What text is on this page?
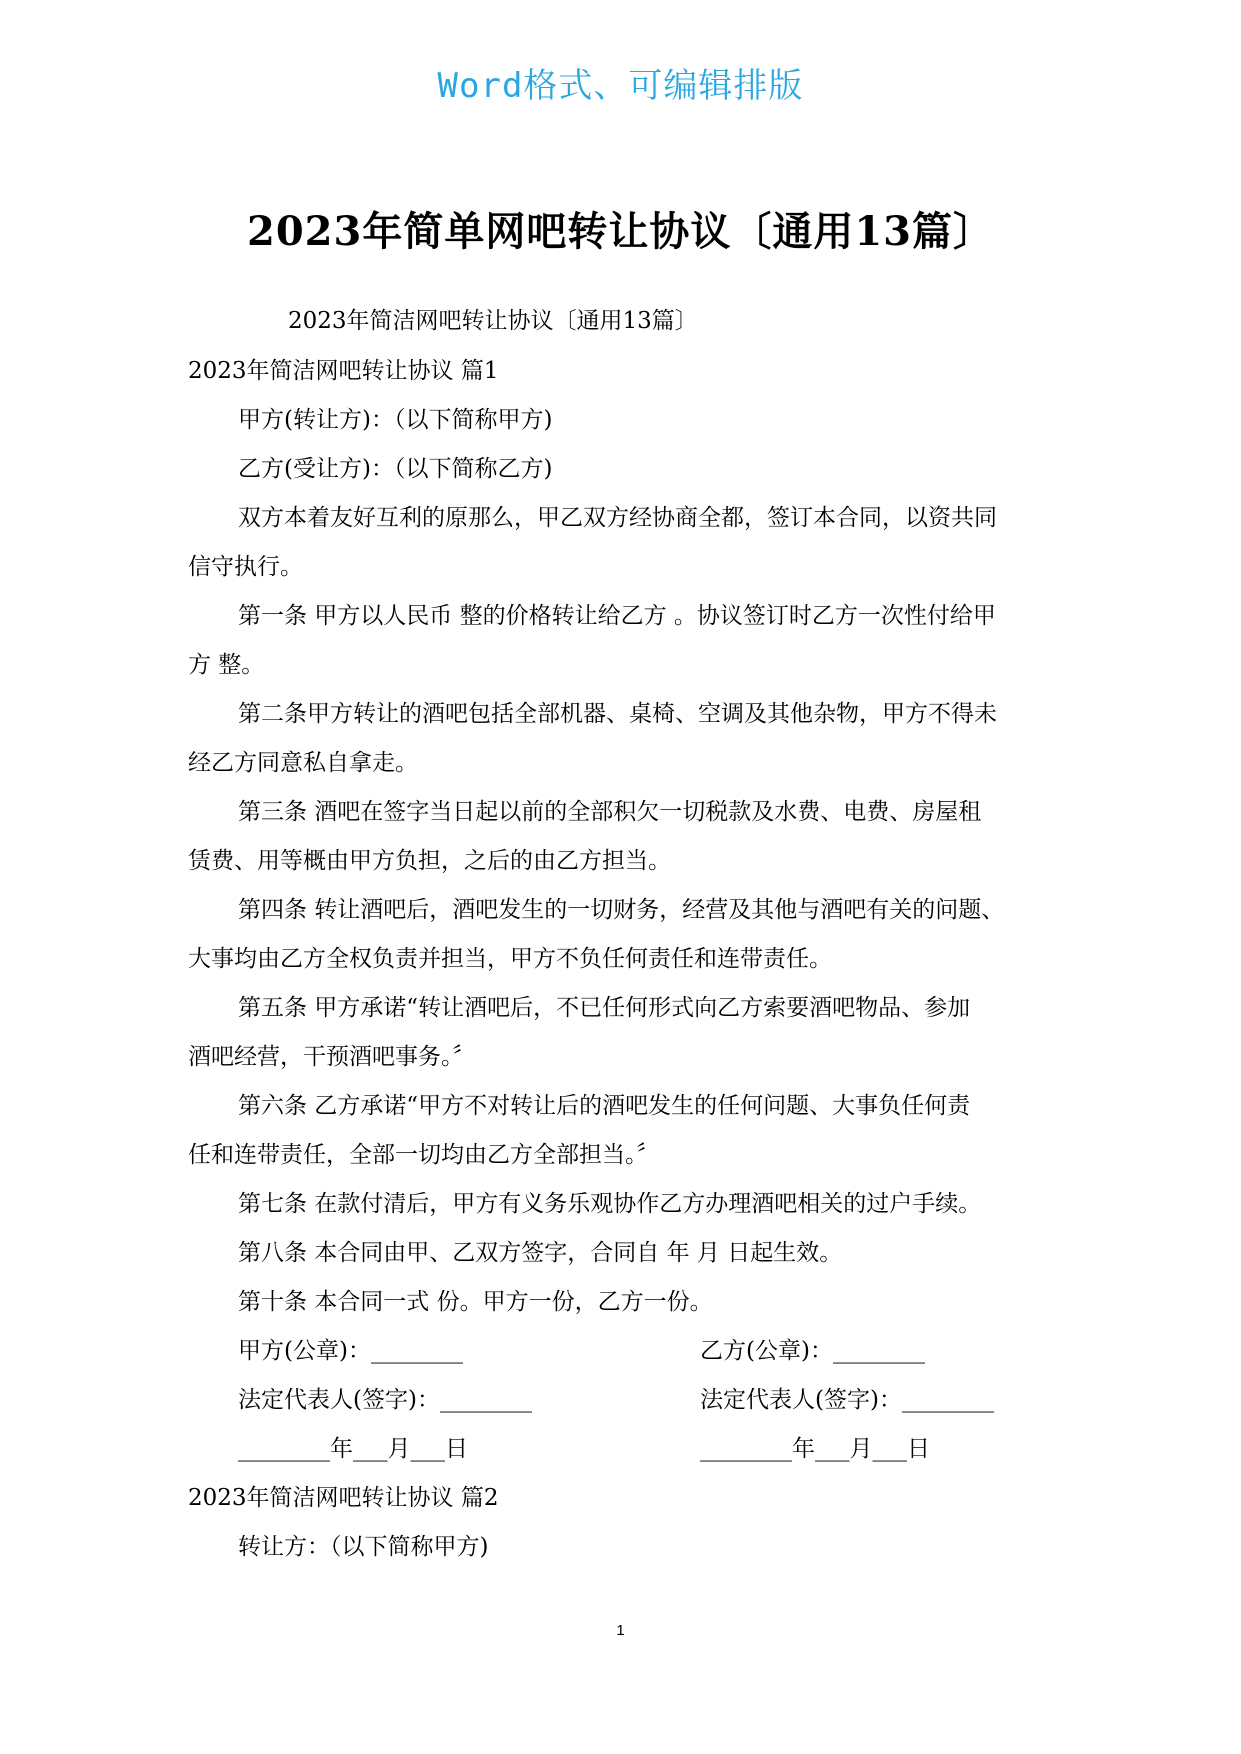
Word格式、可编辑排版
2023年简单网吧转让协议〔通用13篇〕
2023年简洁网吧转让协议〔通用13篇〕
2023年简洁网吧转让协议 篇1
甲方(转让方)：（以下简称甲方)
乙方(受让方)：（以下简称乙方)
双方本着友好互利的原那么，甲乙双方经协商全都，签订本合同，以资共同
信守执行。
第一条 甲方以人民币 整的价格转让给乙方 。协议签订时乙方一次性付给甲
方 整。
第二条甲方转让的酒吧包括全部机器、桌椅、空调及其他杂物，甲方不得未
经乙方同意私自拿走。
第三条 酒吧在签字当日起以前的全部积欠一切税款及水费、电费、房屋租
赁费、用等概由甲方负担，之后的由乙方担当。
第四条 转让酒吧后，酒吧发生的一切财务，经营及其他与酒吧有关的问题、
大事均由乙方全权负责并担当，甲方不负任何责任和连带责任。
第五条 甲方承诺“转让酒吧后，不已任何形式向乙方索要酒吧物品、参加
酒吧经营，干预酒吧事务。〞
第六条 乙方承诺“甲方不对转让后的酒吧发生的任何问题、大事负任何责
任和连带责任，全部一切均由乙方全部担当。〞
第七条 在款付清后，甲方有义务乐观协作乙方办理酒吧相关的过户手续。
第八条 本合同由甲、乙双方签字，合同自 年 月 日起生效。
第十条 本合同一式 份。甲方一份，乙方一份。
甲方(公章)：________	乙方(公章)：________
法定代表人(签字)：________	法定代表人(签字)：________
________年___月___日	________年___月___日
2023年简洁网吧转让协议 篇2
转让方：（以下简称甲方)
1
